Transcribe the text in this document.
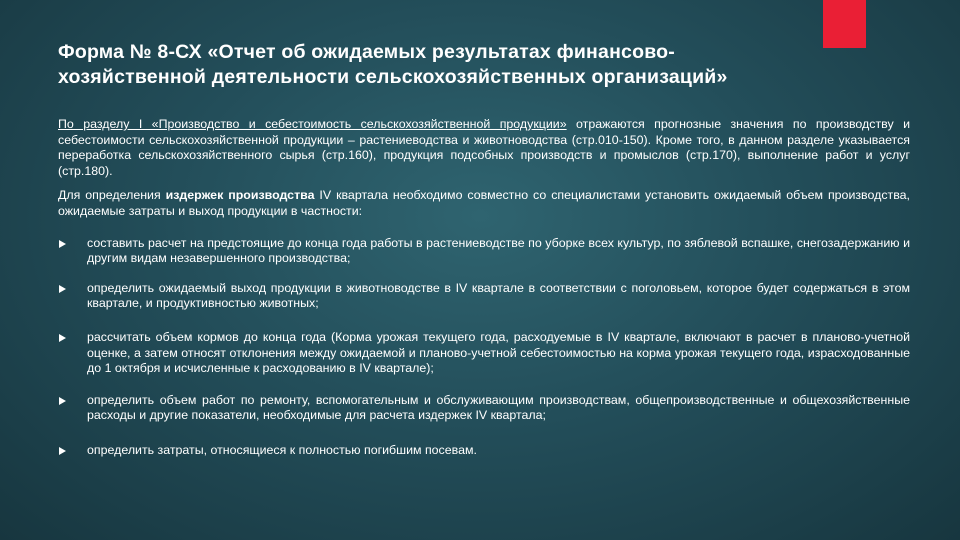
Форма № 8-СХ «Отчет об ожидаемых результатах финансово-хозяйственной деятельности сельскохозяйственных организаций»

По разделу I «Производство и себестоимость сельскохозяйственной продукции» отражаются прогнозные значения по производству и себестоимости сельскохозяйственной продукции – растениеводства и животноводства (стр.010-150). Кроме того, в данном разделе указывается переработка сельскохозяйственного сырья (стр.160), продукция подсобных производств и промыслов (стр.170), выполнение работ и услуг (стр.180).

Для определения издержек производства IV квартала необходимо совместно со специалистами установить ожидаемый объем производства, ожидаемые затраты и выход продукции в частности:

составить расчет на предстоящие до конца года работы в растениеводстве по уборке всех культур, по зяблевой вспашке, снегозадержанию и другим видам незавершенного производства;
определить ожидаемый выход продукции в животноводстве в IV квартале в соответствии с поголовьем, которое будет содержаться в этом квартале, и продуктивностью животных;
рассчитать объем кормов до конца года (Корма урожая текущего года, расходуемые в IV квартале, включают в расчет в планово-учетной оценке, а затем относят отклонения между ожидаемой и планово-учетной себестоимостью на корма урожая текущего года, израсходованные до 1 октября и исчисленные к расходованию в IV квартале);
определить объем работ по ремонту, вспомогательным и обслуживающим производствам, общепроизводственные и общехозяйственные расходы и другие показатели, необходимые для расчета издержек IV квартала;
определить затраты, относящиеся к полностью погибшим посевам.
